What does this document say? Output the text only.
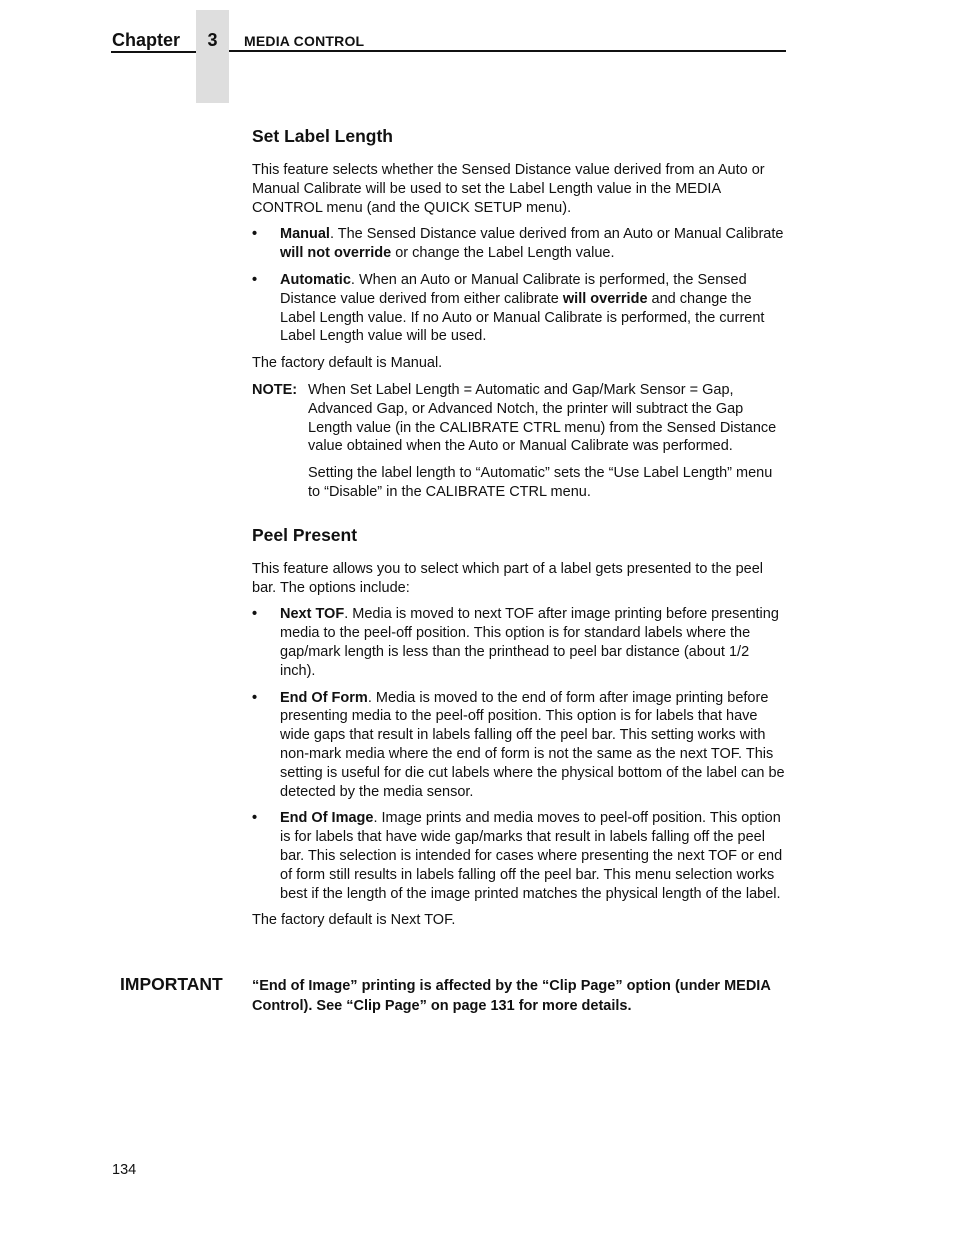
Chapter	3	MEDIA CONTROL
Set Label Length

This feature selects whether the Sensed Distance value derived from an Auto or Manual Calibrate will be used to set the Label Length value in the MEDIA CONTROL menu (and the QUICK SETUP menu).

• Manual. The Sensed Distance value derived from an Auto or Manual Calibrate will not override or change the Label Length value.
• Automatic. When an Auto or Manual Calibrate is performed, the Sensed Distance value derived from either calibrate will override and change the Label Length value. If no Auto or Manual Calibrate is performed, the current Label Length value will be used.

The factory default is Manual.

NOTE: When Set Label Length = Automatic and Gap/Mark Sensor = Gap, Advanced Gap, or Advanced Notch, the printer will subtract the Gap Length value (in the CALIBRATE CTRL menu) from the Sensed Distance value obtained when the Auto or Manual Calibrate was performed.

Setting the label length to “Automatic” sets the “Use Label Length” menu to “Disable” in the CALIBRATE CTRL menu.

Peel Present

This feature allows you to select which part of a label gets presented to the peel bar. The options include:

• Next TOF. Media is moved to next TOF after image printing before presenting media to the peel-off position. This option is for standard labels where the gap/mark length is less than the printhead to peel bar distance (about 1/2 inch).
• End Of Form. Media is moved to the end of form after image printing before presenting media to the peel-off position. This option is for labels that have wide gaps that result in labels falling off the peel bar. This setting works with non-mark media where the end of form is not the same as the next TOF. This setting is useful for die cut labels where the physical bottom of the label can be detected by the media sensor.
• End Of Image. Image prints and media moves to peel-off position. This option is for labels that have wide gap/marks that result in labels falling off the peel bar. This selection is intended for cases where presenting the next TOF or end of form still results in labels falling off the peel bar. This menu selection works best if the length of the image printed matches the physical length of the label.

The factory default is Next TOF.

IMPORTANT “End of Image” printing is affected by the “Clip Page” option (under MEDIA Control). See “Clip Page” on page 131 for more details.
134
